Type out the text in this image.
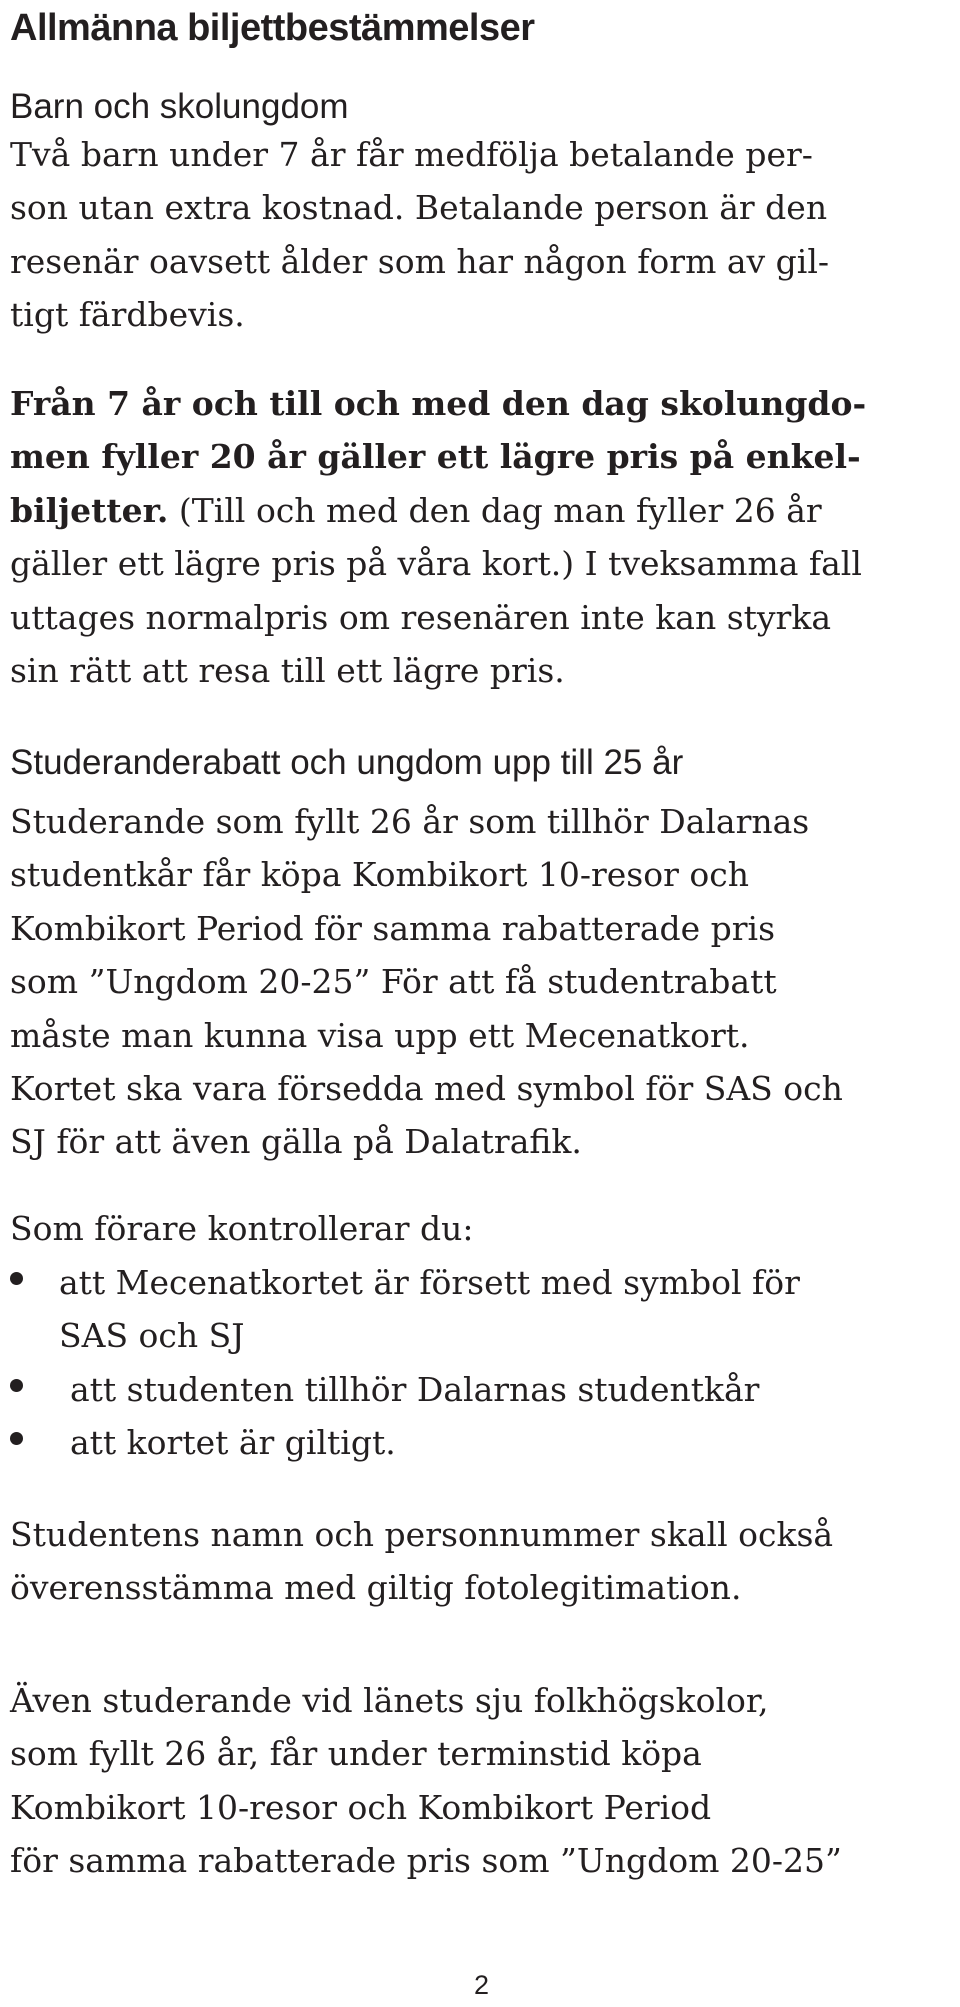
Allmänna biljettbestämmelser
Barn och skolungdom
Två barn under 7 år får medfölja betalande per-
son utan extra kostnad. Betalande person är den
resenär oavsett ålder som har någon form av gil-
tigt färdbevis.
Från 7 år och till och med den dag skolungdo-
men fyller 20 år gäller ett lägre pris på enkel-
biljetter. (Till och med den dag man fyller 26 år
gäller ett lägre pris på våra kort.) I tveksamma fall
uttages normalpris om resenären inte kan styrka
sin rätt att resa till ett lägre pris.
Studeranderabatt och ungdom upp till 25 år
Studerande som fyllt 26 år som tillhör Dalarnas
studentkår får köpa Kombikort 10-resor och
Kombikort Period för samma rabatterade pris
som ”Ungdom 20-25” För att få studentrabatt
måste man kunna visa upp ett Mecenatkort.
Kortet ska vara försedda med symbol för SAS och
SJ för att även gälla på Dalatrafik.
Som förare kontrollerar du:
att Mecenatkortet är försett med symbol för
SAS och SJ
att studenten tillhör Dalarnas studentkår
att kortet är giltigt.
Studentens namn och personnummer skall också
överensstämma med giltig fotolegitimation.
Även studerande vid länets sju folkhögskolor,
som fyllt 26 år, får under terminstid köpa
Kombikort 10-resor och Kombikort Period
för samma rabatterade pris som ”Ungdom 20-25”
2
